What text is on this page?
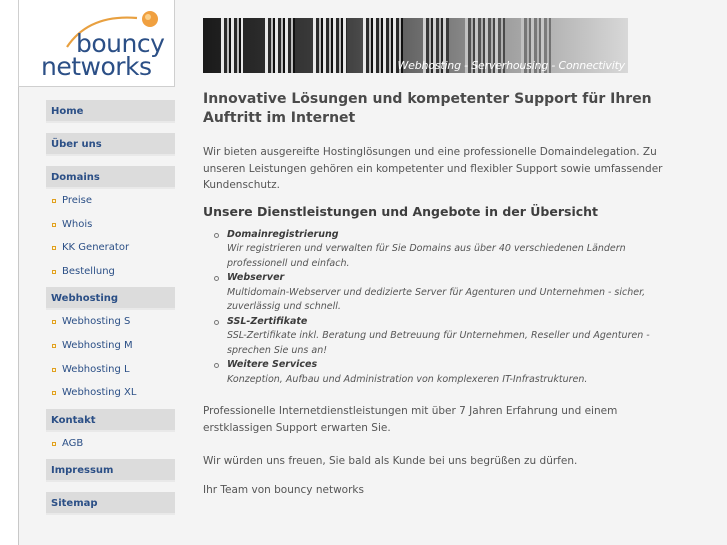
bouncy
networks
Home
Über uns
Domains
Preise
Whois
KK Generator
Bestellung
Webhosting
Webhosting S
Webhosting M
Webhosting L
Webhosting XL
Kontakt
AGB
Impressum
Sitemap
Webhosting - Serverhousing - Connectivity
Innovative Lösungen und kompetenter Support für Ihren Auftritt im Internet

Wir bieten ausgereifte Hostinglösungen und eine professionelle Domaindelegation. Zu unseren Leistungen gehören ein kompetenter und flexibler Support sowie umfassender Kundenschutz.

Unsere Dienstleistungen und Angebote in der Übersicht
Domainregistrierung
Wir registrieren und verwalten für Sie Domains aus über 40 verschiedenen Ländern professionell und einfach.
Webserver
Multidomain-Webserver und dedizierte Server für Agenturen und Unternehmen - sicher, zuverlässig und schnell.
SSL-Zertifikate
SSL-Zertifikate inkl. Beratung und Betreuung für Unternehmen, Reseller und Agenturen - sprechen Sie uns an!
Weitere Services
Konzeption, Aufbau und Administration von komplexeren IT-Infrastrukturen.

Professionelle Internetdienstleistungen mit über 7 Jahren Erfahrung und einem erstklassigen Support erwarten Sie.

Wir würden uns freuen, Sie bald als Kunde bei uns begrüßen zu dürfen.

Ihr Team von bouncy networks
